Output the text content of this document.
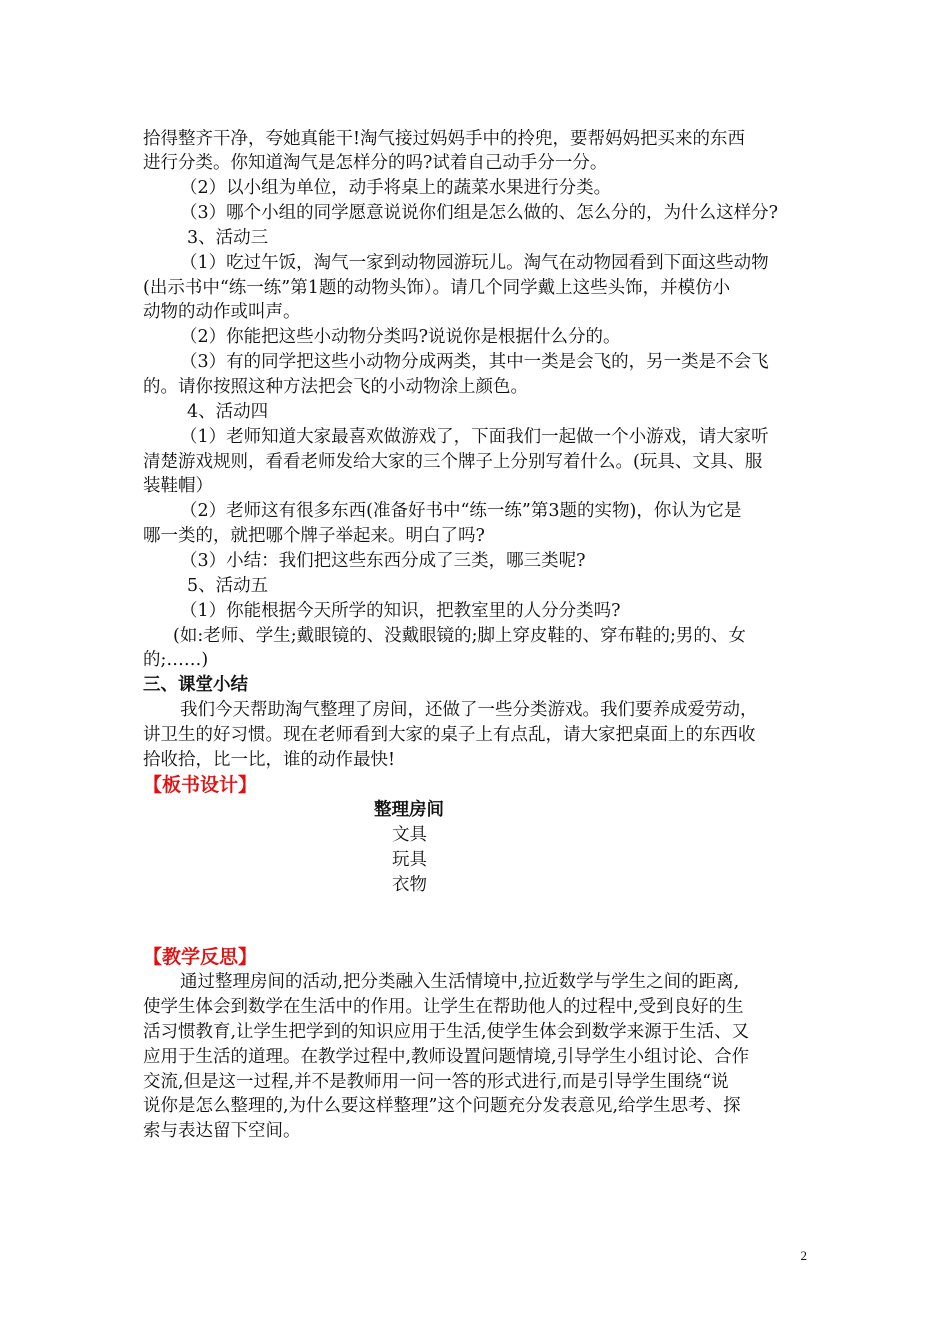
拾得整齐干净，夸她真能干!淘气接过妈妈手中的拎兜，要帮妈妈把买来的东西
进行分类。你知道淘气是怎样分的吗?试着自己动手分一分。
（2）以小组为单位，动手将桌上的蔬菜水果进行分类。
（3）哪个小组的同学愿意说说你们组是怎么做的、怎么分的，为什么这样分?
3、活动三
（1）吃过午饭，淘气一家到动物园游玩儿。淘气在动物园看到下面这些动物
(出示书中“练一练”第1题的动物头饰）。请几个同学戴上这些头饰，并模仿小
动物的动作或叫声。
（2）你能把这些小动物分类吗?说说你是根据什么分的。
（3）有的同学把这些小动物分成两类，其中一类是会飞的，另一类是不会飞
的。请你按照这种方法把会飞的小动物涂上颜色。
4、活动四
（1）老师知道大家最喜欢做游戏了，下面我们一起做一个小游戏，请大家听
清楚游戏规则，看看老师发给大家的三个牌子上分别写着什么。(玩具、文具、服
装鞋帽）
（2）老师这有很多东西(准备好书中“练一练”第3题的实物)，你认为它是
哪一类的，就把哪个牌子举起来。明白了吗?
（3）小结：我们把这些东西分成了三类，哪三类呢?
5、活动五
（1）你能根据今天所学的知识，把教室里的人分分类吗?
(如:老师、学生;戴眼镜的、没戴眼镜的;脚上穿皮鞋的、穿布鞋的;男的、女
的;……)
三、课堂小结
我们今天帮助淘气整理了房间，还做了一些分类游戏。我们要养成爱劳动，
讲卫生的好习惯。现在老师看到大家的桌子上有点乱，请大家把桌面上的东西收
拾收拾，比一比，谁的动作最快!
【板书设计】
整理房间
文具
玩具
衣物
【教学反思】
通过整理房间的活动,把分类融入生活情境中,拉近数学与学生之间的距离,
使学生体会到数学在生活中的作用。让学生在帮助他人的过程中,受到良好的生
活习惯教育,让学生把学到的知识应用于生活,使学生体会到数学来源于生活、又
应用于生活的道理。在教学过程中,教师设置问题情境,引导学生小组讨论、合作
交流,但是这一过程,并不是教师用一问一答的形式进行,而是引导学生围绕“说
说你是怎么整理的,为什么要这样整理”这个问题充分发表意见,给学生思考、探
索与表达留下空间。
2
